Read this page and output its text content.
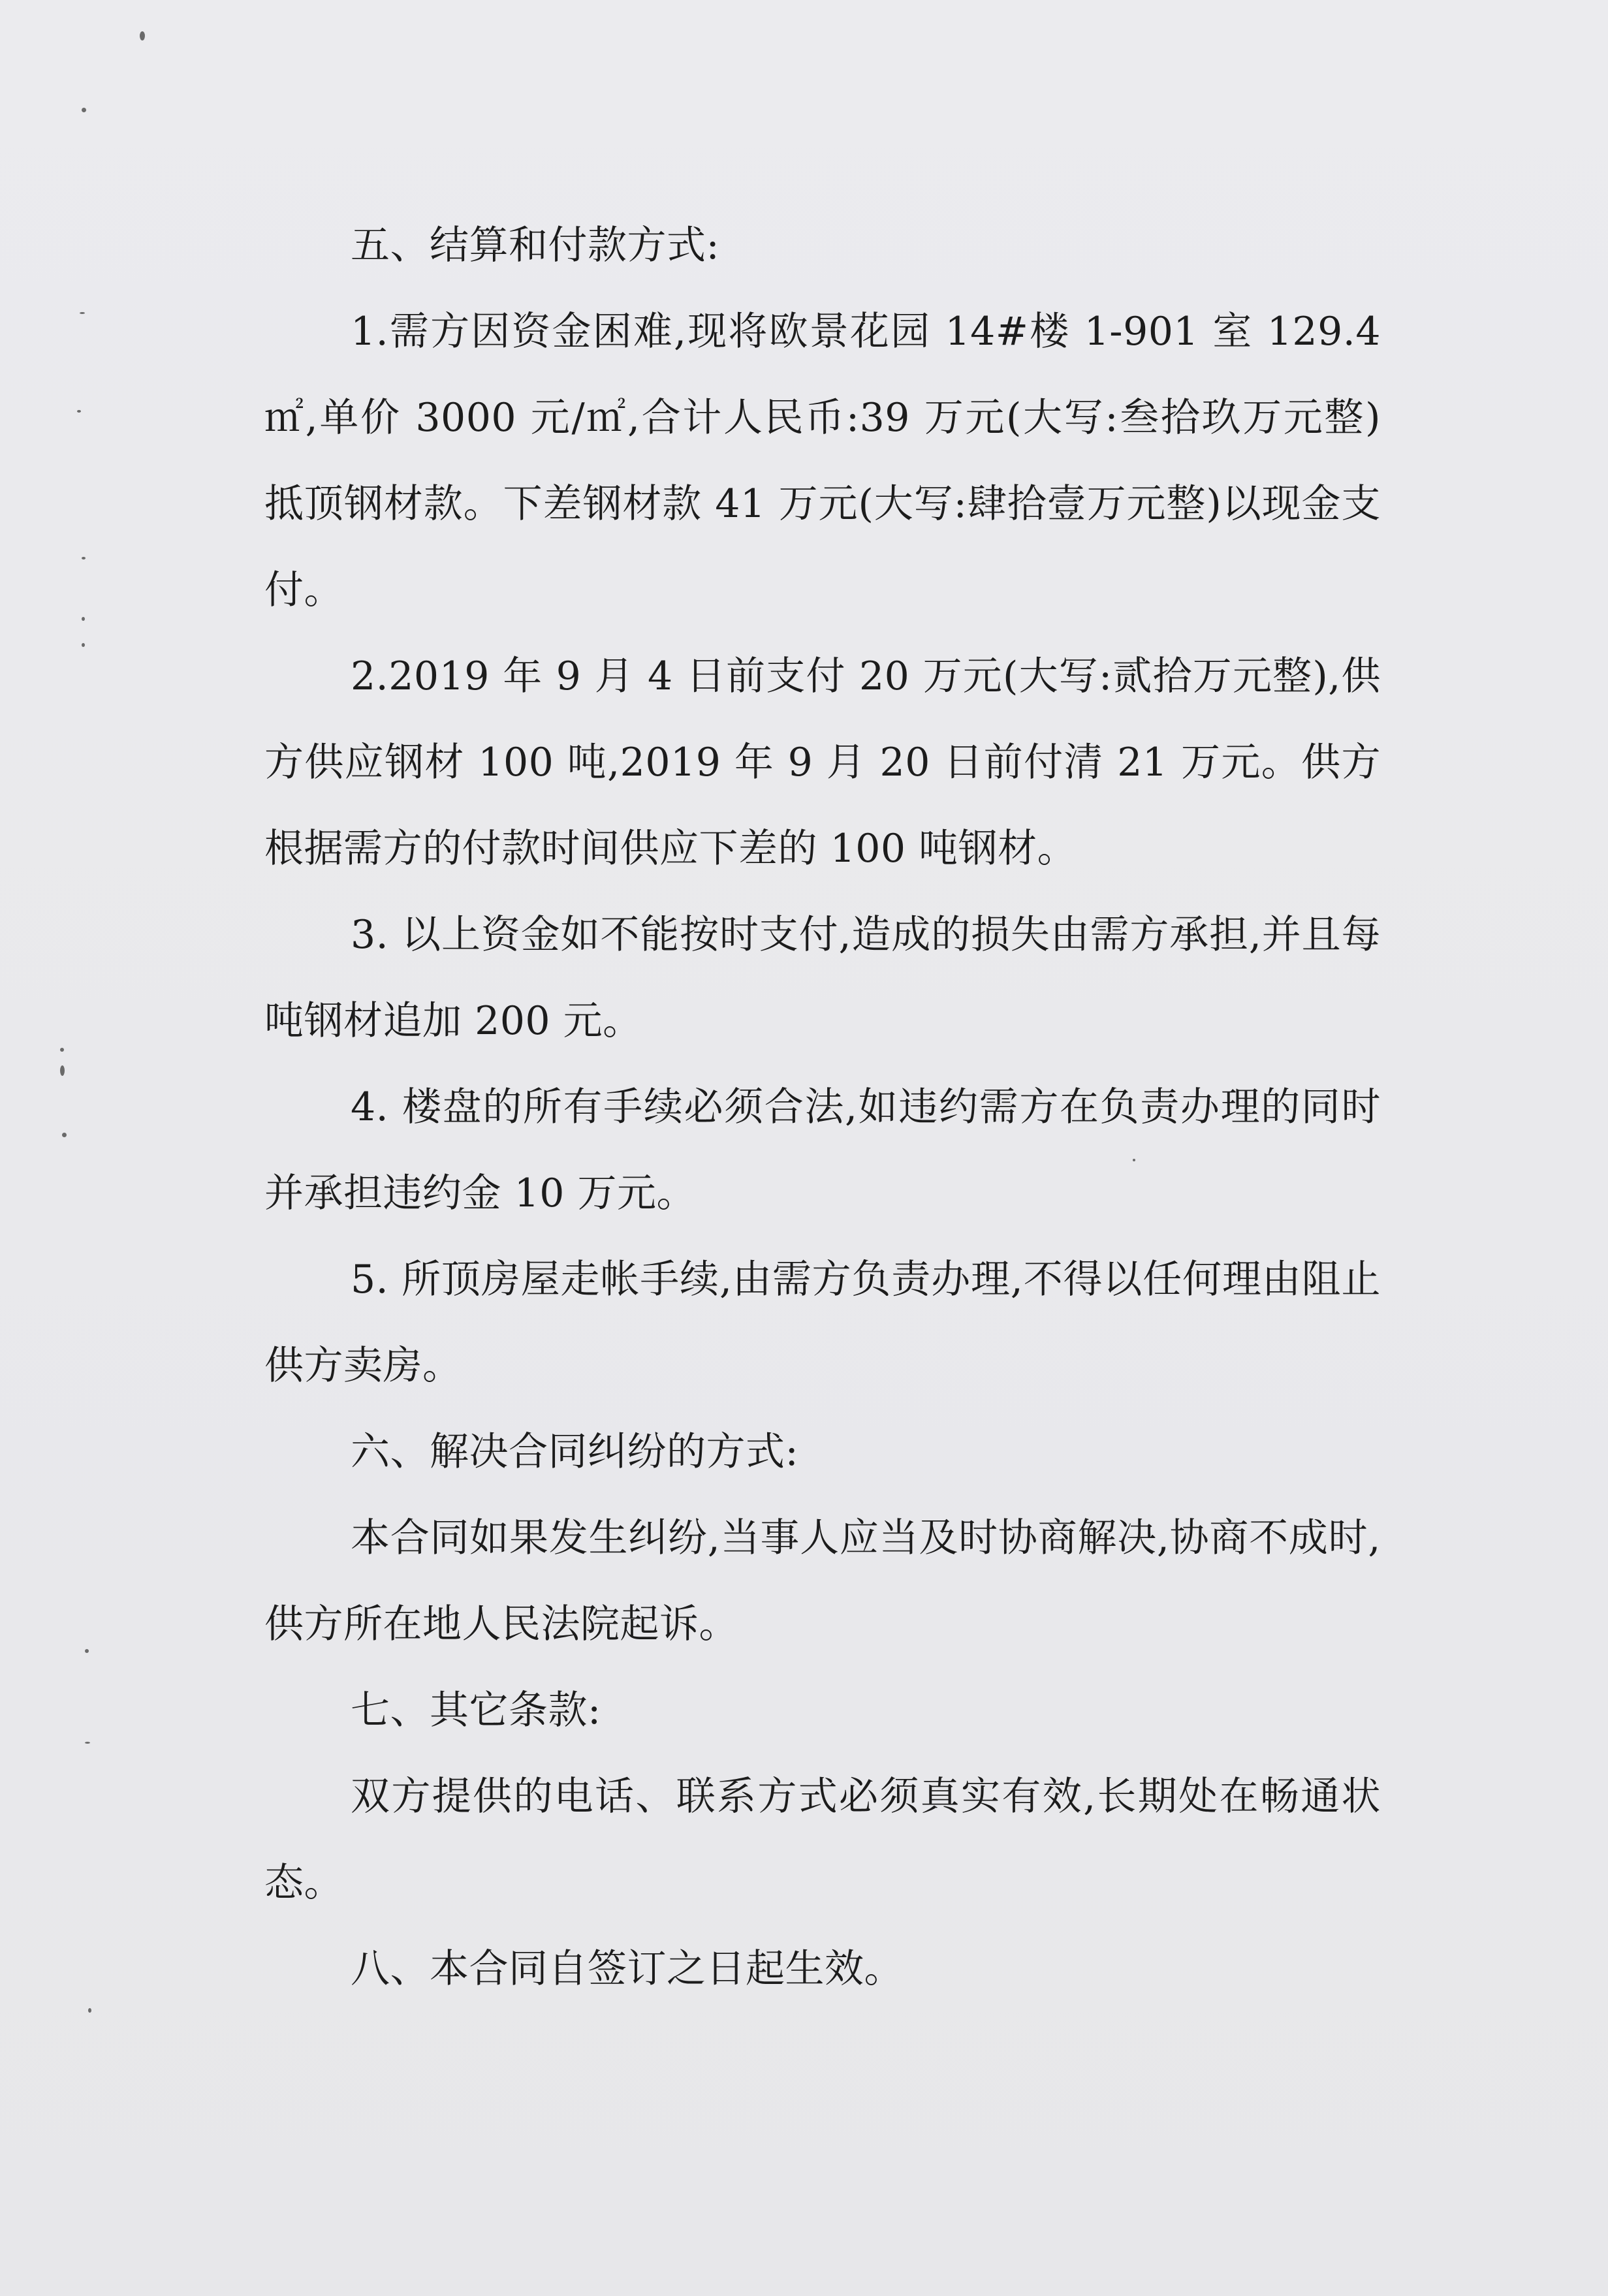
五、结算和付款方式:

1.需方因资金困难,现将欧景花园 14#楼 1-901 室 129.4 ㎡,单价 3000 元/㎡,合计人民币:39 万元(大写:叁拾玖万元整)抵顶钢材款。下差钢材款 41 万元(大写:肆拾壹万元整)以现金支付。

2.2019 年 9 月 4 日前支付 20 万元(大写:贰拾万元整),供方供应钢材 100 吨,2019 年 9 月 20 日前付清 21 万元。供方根据需方的付款时间供应下差的 100 吨钢材。

3. 以上资金如不能按时支付,造成的损失由需方承担,并且每吨钢材追加 200 元。

4. 楼盘的所有手续必须合法,如违约需方在负责办理的同时并承担违约金 10 万元。

5. 所顶房屋走帐手续,由需方负责办理,不得以任何理由阻止供方卖房。

六、解决合同纠纷的方式:

本合同如果发生纠纷,当事人应当及时协商解决,协商不成时,供方所在地人民法院起诉。

七、其它条款:

双方提供的电话、联系方式必须真实有效,长期处在畅通状态。

八、本合同自签订之日起生效。
